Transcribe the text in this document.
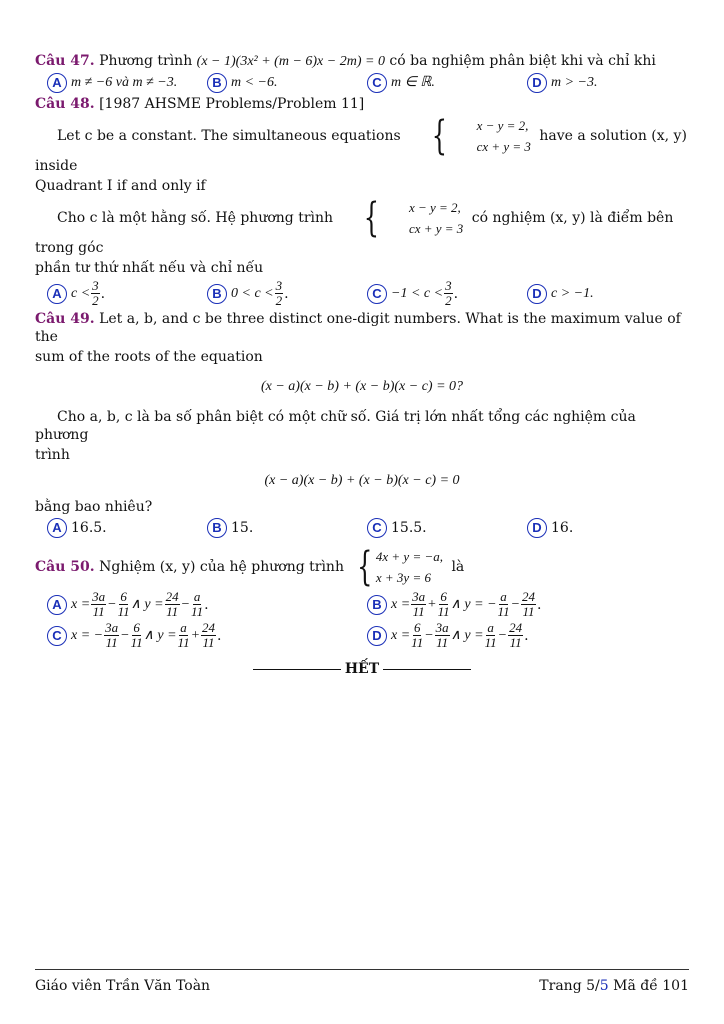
Câu 47. Phương trình (x − 1)(3x² + (m − 6)x − 2m) = 0 có ba nghiệm phân biệt khi và chỉ khi
A m ≠ −6 và m ≠ −3.	B m < −6.	C m ∈ ℝ.	D m > −3.
Câu 48. [1987 AHSME Problems/Problem 11]
Let c be a constant. The simultaneous equations {	x − y = 2,
cx + y = 3
have a solution (x, y) inside
Quadrant I if and only if
Cho c là một hằng số. Hệ phương trình {	x − y = 2,
cx + y = 3
có nghiệm (x, y) là điểm bên trong góc
phần tư thứ nhất nếu và chỉ nếu
A $c < \frac{3}{2}$ .	B $0 < c < \frac{3}{2}$ .	$C -1 < c < \frac{3}{2}$ .	D c > −1.
Câu 49. Let a, b, and c be three distinct one-digit numbers. What is the maximum value of the
sum of the roots of the equation
(x − a)(x − b) + (x − b)(x − c) = 0?
Cho a, b, c là ba số phân biệt có một chữ số. Giá trị lớn nhất tổng các nghiệm của phương
trình
(x − a)(x − b) + (x − b)(x − c) = 0
bằng bao nhiêu?
A 16.5.	B 15.	C 15.5.	D 16.
Câu 50. Nghiệm (x, y) của hệ phương trình { 4x + y = −a,
x + 3y = 6
là
A $x = \frac{3a}{11} - \frac{6}{11}$ ∧ $y = \frac{24}{11} - \frac{a}{11}$ .	B $x = \frac{3a}{11} + \frac{6}{11}$ ∧ y = − $\frac{a}{11} - \frac{24}{11}$ .
C x = − $\frac{3a}{11} - \frac{6}{11}$ ∧ $y = \frac{a}{11} + \frac{24}{11}$ .	D $x = \frac{6}{11} - \frac{3a}{11}$ ∧ $y = \frac{a}{11} - \frac{24}{11}$ .
HẾT
Giáo viên Trần Văn Toàn	Trang 5/5 Mã đề 101
